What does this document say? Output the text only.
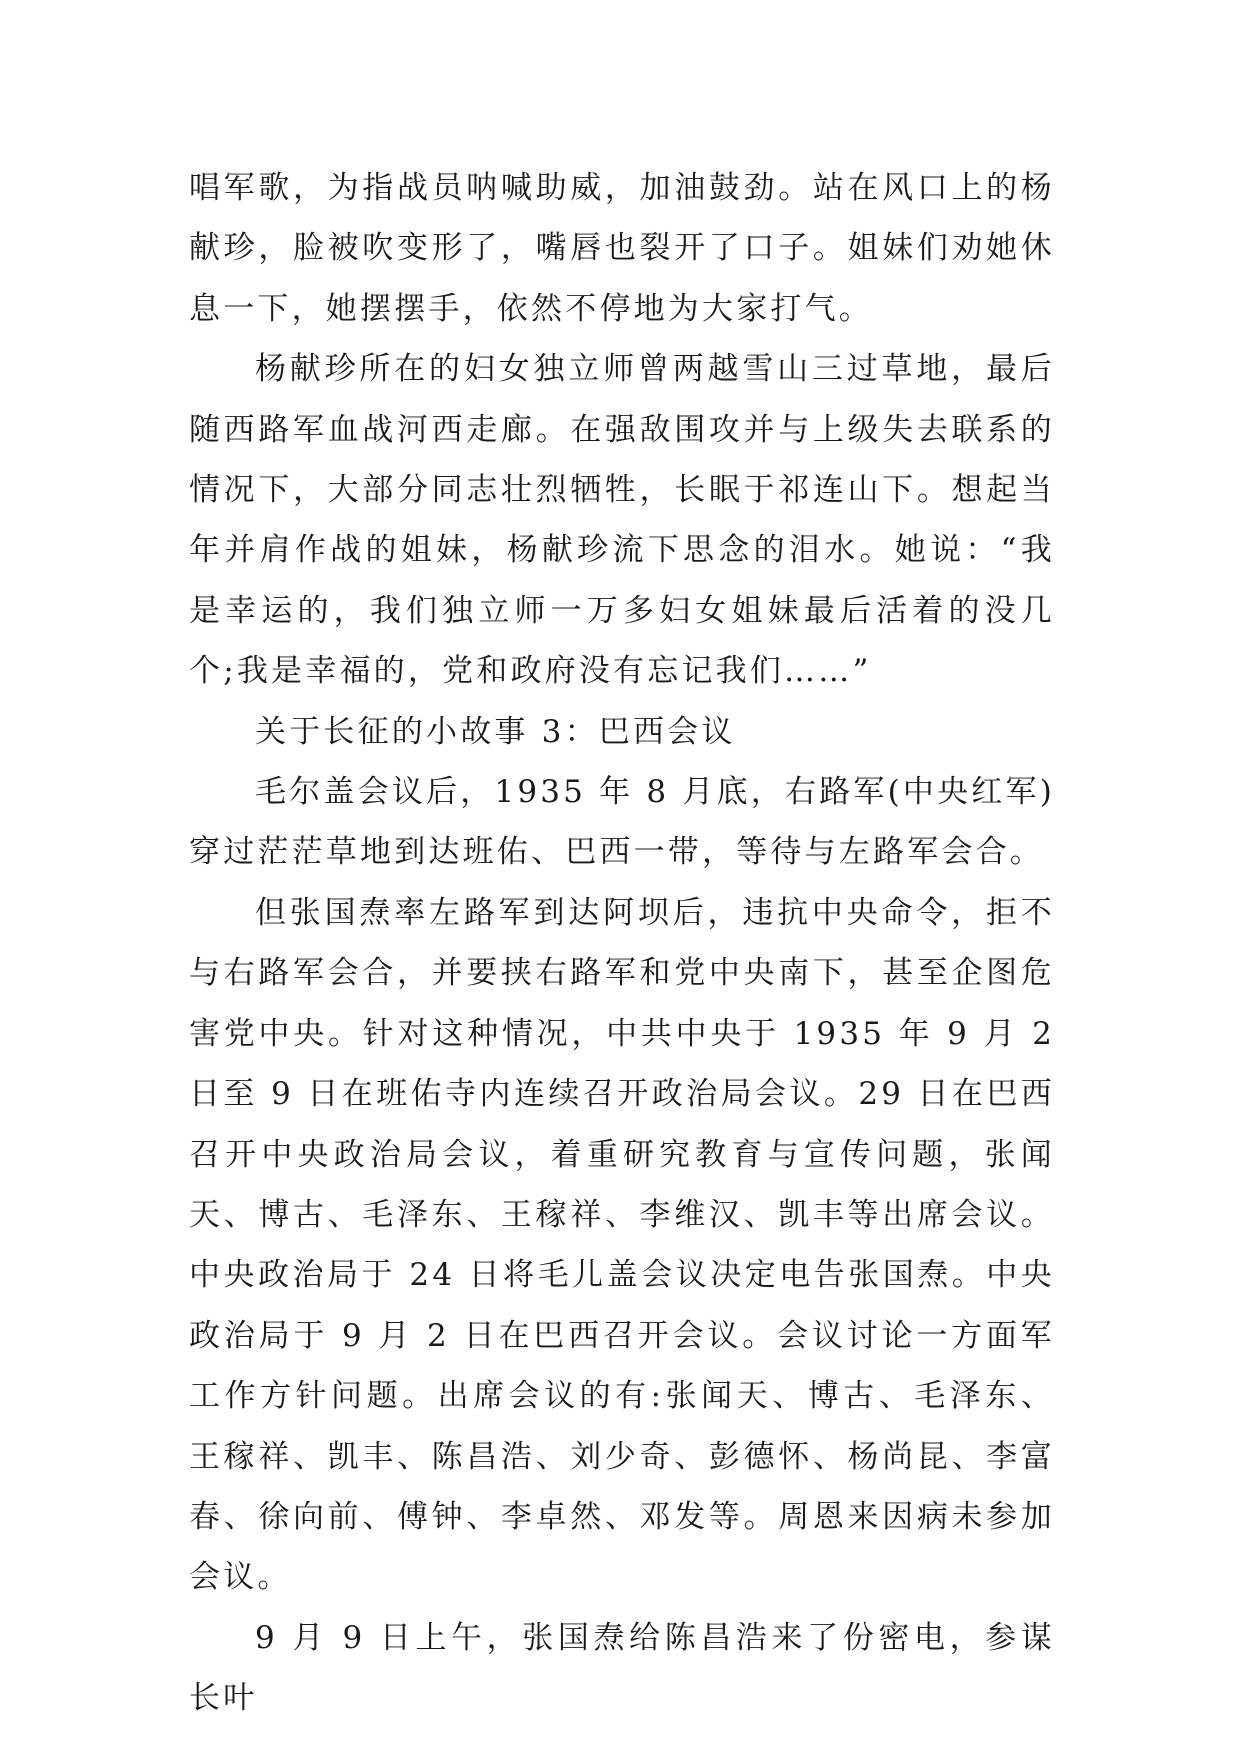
唱军歌，为指战员呐喊助威，加油鼓劲。站在风口上的杨献珍，脸被吹变形了，嘴唇也裂开了口子。姐妹们劝她休息一下，她摆摆手，依然不停地为大家打气。

杨献珍所在的妇女独立师曾两越雪山三过草地，最后随西路军血战河西走廊。在强敌围攻并与上级失去联系的情况下，大部分同志壮烈牺牲，长眠于祁连山下。想起当年并肩作战的姐妹，杨献珍流下思念的泪水。她说：“我是幸运的，我们独立师一万多妇女姐妹最后活着的没几个;我是幸福的，党和政府没有忘记我们……”

关于长征的小故事 3：巴西会议

毛尔盖会议后，1935 年 8 月底，右路军(中央红军)穿过茫茫草地到达班佑、巴西一带，等待与左路军会合。

但张国焘率左路军到达阿坝后，违抗中央命令，拒不与右路军会合，并要挟右路军和党中央南下，甚至企图危害党中央。针对这种情况，中共中央于 1935 年 9 月 2 日至 9 日在班佑寺内连续召开政治局会议。29 日在巴西召开中央政治局会议，着重研究教育与宣传问题，张闻天、博古、毛泽东、王稼祥、李维汉、凯丰等出席会议。中央政治局于 24 日将毛儿盖会议决定电告张国焘。中央政治局于 9 月 2 日在巴西召开会议。会议讨论一方面军工作方针问题。出席会议的有:张闻天、博古、毛泽东、王稼祥、凯丰、陈昌浩、刘少奇、彭德怀、杨尚昆、李富春、徐向前、傅钟、李卓然、邓发等。周恩来因病未参加会议。

9 月 9 日上午，张国焘给陈昌浩来了份密电，参谋长叶
